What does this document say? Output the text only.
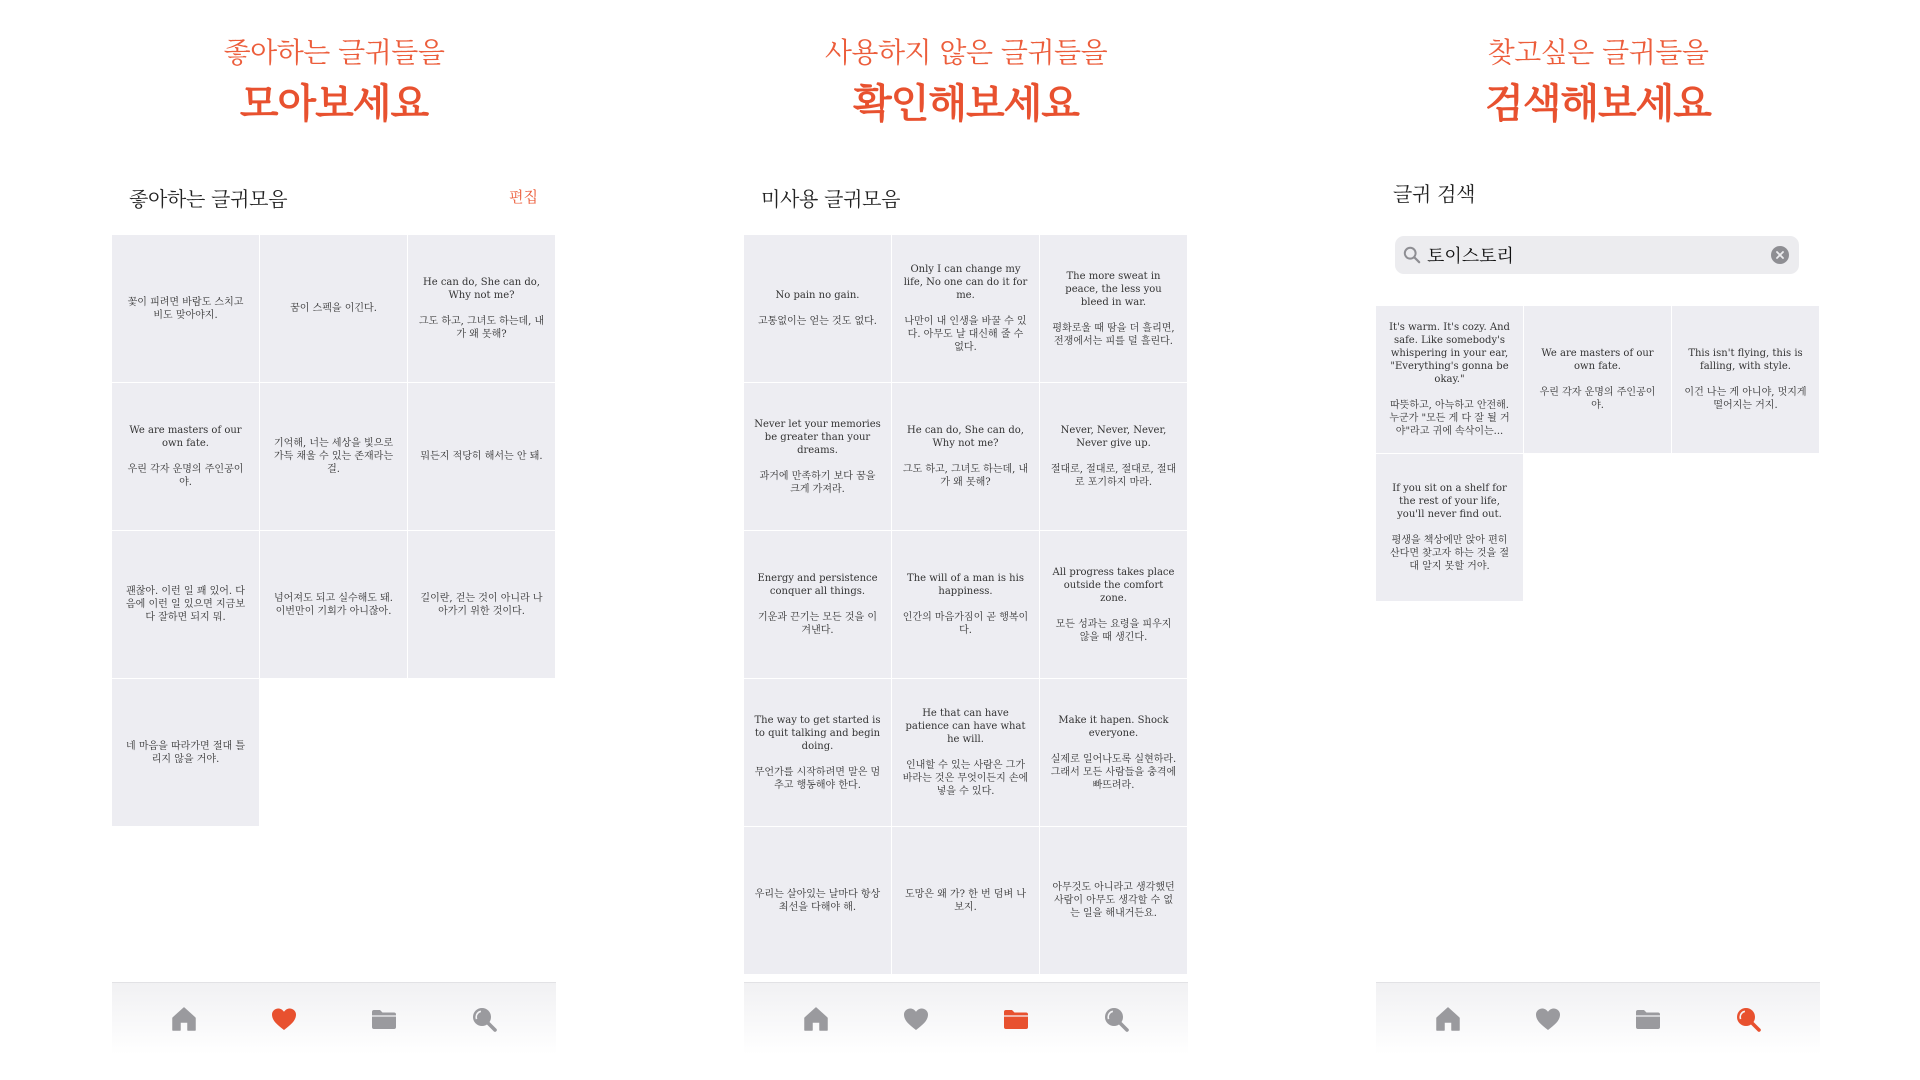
좋아하는 글귀들을
모아보세요
좋아하는 글귀모음	편집

꽃이 피려면 바람도 스치고 비도 맞아야지.

꿈이 스펙을 이긴다.

He can do, She can do, Why not me?

그도 하고, 그녀도 하는데, 내가 왜 못해?

We are masters of our own fate.

우린 각자 운명의 주인공이야.

기억해, 너는 세상을 빛으로 가득 채울 수 있는 존재라는 걸.

뭐든지 적당히 해서는 안 돼.

괜찮아. 이런 일 꽤 있어. 다음에 이런 일 있으면 지금보다 잘하면 되지 뭐.

넘어져도 되고 실수해도 돼. 이번만이 기회가 아니잖아.

길이란, 걷는 것이 아니라 나아가기 위한 것이다.

네 마음을 따라가면 절대 틀리지 않을 거야.

사용하지 않은 글귀들을
확인해보세요
미사용 글귀모음

No pain no gain.

고통없이는 얻는 것도 없다.

Only I can change my life, No one can do it for me.

나만이 내 인생을 바꿀 수 있다. 아무도 날 대신해 줄 수 없다.

The more sweat in peace, the less you bleed in war.

평화로울 때 땀을 더 흘리면, 전쟁에서는 피를 덜 흘린다.

Never let your memories be greater than your dreams.

과거에 만족하기 보다 꿈을 크게 가져라.

He can do, She can do, Why not me?

그도 하고, 그녀도 하는데, 내가 왜 못해?

Never, Never, Never, Never give up.

절대로, 절대로, 절대로, 절대로 포기하지 마라.

Energy and persistence conquer all things.

기운과 끈기는 모든 것을 이겨낸다.

The will of a man is his happiness.

인간의 마음가짐이 곧 행복이다.

All progress takes place outside the comfort zone.

모든 성과는 요령을 피우지 않을 때 생긴다.

The way to get started is to quit talking and begin doing.

무언가를 시작하려면 말은 멈추고 행동해야 한다.

He that can have patience can have what he will.

인내할 수 있는 사람은 그가 바라는 것은 무엇이든지 손에 넣을 수 있다.

Make it hapen. Shock everyone.

실제로 일어나도록 실현하라. 그래서 모든 사람들을 충격에 빠뜨려라.

우리는 살아있는 날마다 항상 최선을 다해야 해.

도망은 왜 가? 한 번 덤벼 나 보지.

아무것도 아니라고 생각했던 사람이 아무도 생각할 수 없는 일을 해내거든요.

찾고싶은 글귀들을
검색해보세요
글귀 검색
토이스토리

It's warm. It's cozy. And safe. Like somebody's whispering in your ear, "Everything's gonna be okay."

따뜻하고, 아늑하고 안전해. 누군가 "모든 게 다 잘 될 거야"라고 귀에 속삭이는...

We are masters of our own fate.

우린 각자 운명의 주인공이야.

This isn't flying, this is falling, with style.

이건 나는 게 아니야, 멋지게 떨어지는 거지.

If you sit on a shelf for the rest of your life, you'll never find out.

평생을 책상에만 앉아 편히 산다면 찾고자 하는 것을 절대 알지 못할 거야.
